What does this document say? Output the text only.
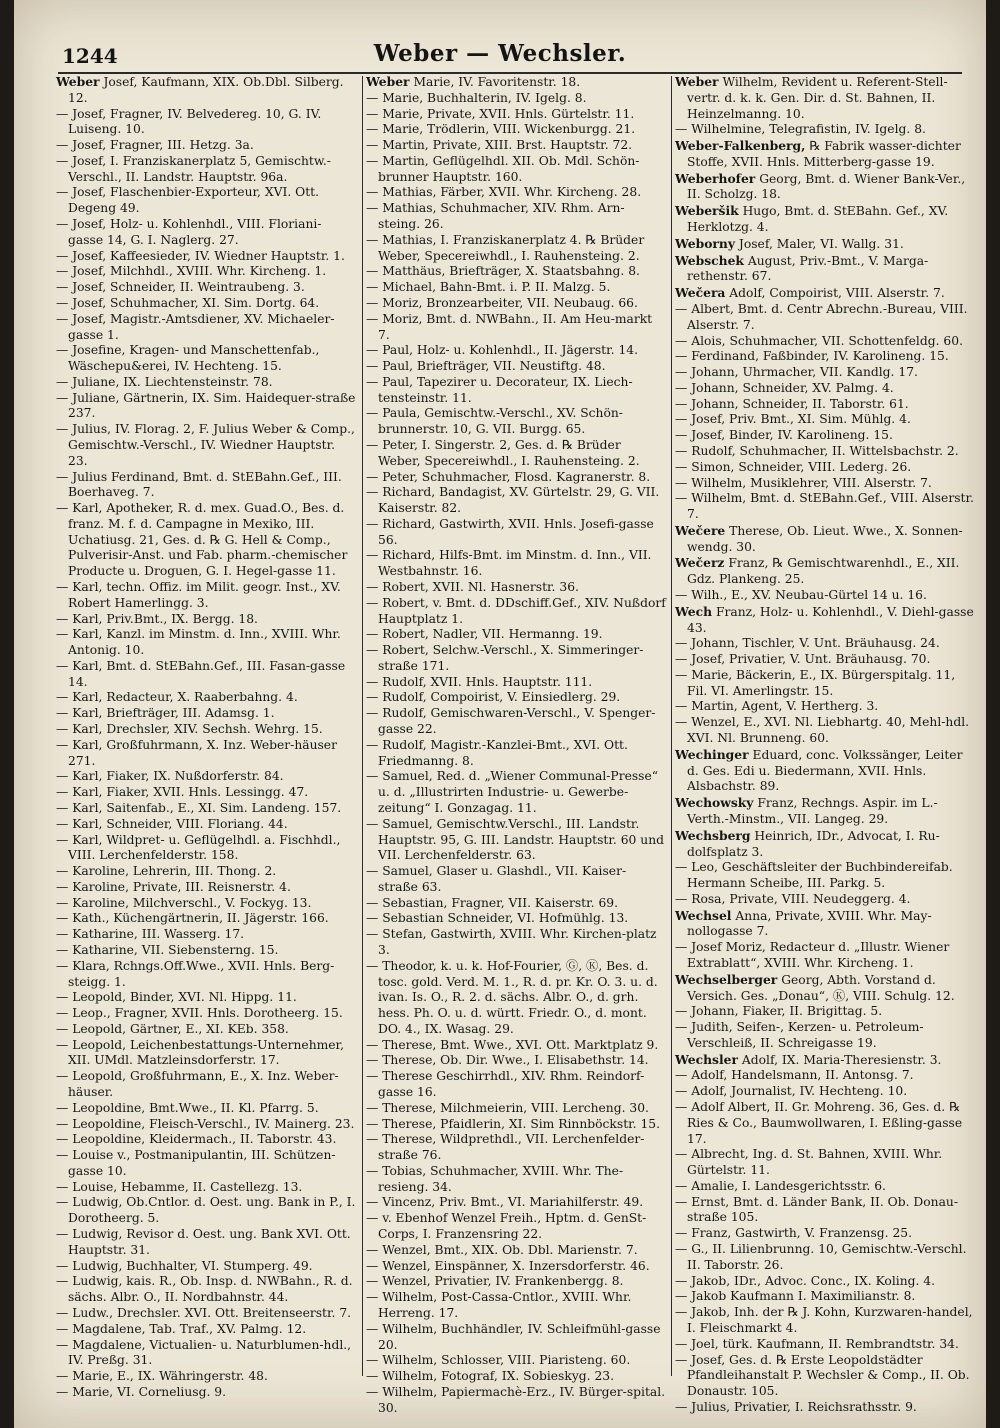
1244	Weber — Wechsler.

Weber Josef, Kaufmann, XIX. Ob.Dbl. Silberg. 12.

— Josef, Fragner, IV. Belvedereg. 10, G. IV. Luiseng. 10.

— Josef, Fragner, III. Hetzg. 3a.

— Josef, I. Franziskanerplatz 5, Gemischtw.-Verschl., II. Landstr. Hauptstr. 96a.

— Josef, Flaschenbier-Exporteur, XVI. Ott. Degeng 49.

— Josef, Holz- u. Kohlenhdl., VIII. Floriani-gasse 14, G. I. Naglerg. 27.

— Josef, Kaffeesieder, IV. Wiedner Hauptstr. 1.

— Josef, Milchhdl., XVIII. Whr. Kircheng. 1.

— Josef, Schneider, II. Weintraubeng. 3.

— Josef, Schuhmacher, XI. Sim. Dortg. 64.

— Josef, Magistr.-Amtsdiener, XV. Michaeler-gasse 1.

— Josefine, Kragen- und Manschettenfab., Wäschepu&erei, IV. Hechteng. 15.

— Juliane, IX. Liechtensteinstr. 78.

— Juliane, Gärtnerin, IX. Sim. Haidequer-straße 237.

— Julius, IV. Florag. 2, F. Julius Weber & Comp., Gemischtw.-Verschl., IV. Wiedner Hauptstr. 23.

— Julius Ferdinand, Bmt. d. StEBahn.Gef., III. Boerhaveg. 7.

— Karl, Apotheker, R. d. mex. Guad.O., Bes. d. franz. M. f. d. Campagne in Mexiko, III. Uchatiusg. 21, Ges. d. ℞ G. Hell & Comp., Pulverisir-Anst. und Fab. pharm.-chemischer Producte u. Droguen, G. I. Hegel-gasse 11.

— Karl, techn. Offiz. im Milit. geogr. Inst., XV. Robert Hamerlingg. 3.

— Karl, Priv.Bmt., IX. Bergg. 18.

— Karl, Kanzl. im Minstm. d. Inn., XVIII. Whr. Antonig. 10.

— Karl, Bmt. d. StEBahn.Gef., III. Fasan-gasse 14.

— Karl, Redacteur, X. Raaberbahng. 4.

— Karl, Briefträger, III. Adamsg. 1.

— Karl, Drechsler, XIV. Sechsh. Wehrg. 15.

— Karl, Großfuhrmann, X. Inz. Weber-häuser 271.

— Karl, Fiaker, IX. Nußdorferstr. 84.

— Karl, Fiaker, XVII. Hnls. Lessingg. 47.

— Karl, Saitenfab., E., XI. Sim. Landeng. 157.

— Karl, Schneider, VIII. Floriang. 44.

— Karl, Wildpret- u. Geflügelhdl. a. Fischhdl., VIII. Lerchenfelderstr. 158.

— Karoline, Lehrerin, III. Thong. 2.

— Karoline, Private, III. Reisnerstr. 4.

— Karoline, Milchverschl., V. Fockyg. 13.

— Kath., Küchengärtnerin, II. Jägerstr. 166.

— Katharine, III. Wasserg. 17.

— Katharine, VII. Siebensterng. 15.

— Klara, Rchngs.Off.Wwe., XVII. Hnls. Berg-steigg. 1.

— Leopold, Binder, XVI. Nl. Hippg. 11.

— Leop., Fragner, XVII. Hnls. Dorotheerg. 15.

— Leopold, Gärtner, E., XI. KEb. 358.

— Leopold, Leichenbestattungs-Unternehmer, XII. UMdl. Matzleinsdorferstr. 17.

— Leopold, Großfuhrmann, E., X. Inz. Weber-häuser.

— Leopoldine, Bmt.Wwe., II. Kl. Pfarrg. 5.

— Leopoldine, Fleisch-Verschl., IV. Mainerg. 23.

— Leopoldine, Kleidermach., II. Taborstr. 43.

— Louise v., Postmanipulantin, III. Schützen-gasse 10.

— Louise, Hebamme, II. Castellezg. 13.

— Ludwig, Ob.Cntlor. d. Oest. ung. Bank in P., I. Dorotheerg. 5.

— Ludwig, Revisor d. Oest. ung. Bank XVI. Ott. Hauptstr. 31.

— Ludwig, Buchhalter, VI. Stumperg. 49.

— Ludwig, kais. R., Ob. Insp. d. NWBahn., R. d. sächs. Albr. O., II. Nordbahnstr. 44.

— Ludw., Drechsler. XVI. Ott. Breitenseerstr. 7.

— Magdalene, Tab. Traf., XV. Palmg. 12.

— Magdalene, Victualien- u. Naturblumen-hdl., IV. Preßg. 31.

— Marie, E., IX. Währingerstr. 48.

— Marie, VI. Corneliusg. 9.

Weber Marie, IV. Favoritenstr. 18.

— Marie, Buchhalterin, IV. Igelg. 8.

— Marie, Private, XVII. Hnls. Gürtelstr. 11.

— Marie, Trödlerin, VIII. Wickenburgg. 21.

— Martin, Private, XIII. Brst. Hauptstr. 72.

— Martin, Geflügelhdl. XII. Ob. Mdl. Schön-brunner Hauptstr. 160.

— Mathias, Färber, XVII. Whr. Kircheng. 28.

— Mathias, Schuhmacher, XIV. Rhm. Arn-steing. 26.

— Mathias, I. Franziskanerplatz 4. ℞ Brüder Weber, Specereiwhdl., I. Rauhensteing. 2.

— Matthäus, Briefträger, X. Staatsbahng. 8.

— Michael, Bahn-Bmt. i. P. II. Malzg. 5.

— Moriz, Bronzearbeiter, VII. Neubaug. 66.

— Moriz, Bmt. d. NWBahn., II. Am Heu-markt 7.

— Paul, Holz- u. Kohlenhdl., II. Jägerstr. 14.

— Paul, Briefträger, VII. Neustiftg. 48.

— Paul, Tapezirer u. Decorateur, IX. Liech-tensteinstr. 11.

— Paula, Gemischtw.-Verschl., XV. Schön-brunnerstr. 10, G. VII. Burgg. 65.

— Peter, I. Singerstr. 2, Ges. d. ℞ Brüder Weber, Specereiwhdl., I. Rauhensteing. 2.

— Peter, Schuhmacher, Flosd. Kagranerstr. 8.

— Richard, Bandagist, XV. Gürtelstr. 29, G. VII. Kaiserstr. 82.

— Richard, Gastwirth, XVII. Hnls. Josefi-gasse 56.

— Richard, Hilfs-Bmt. im Minstm. d. Inn., VII. Westbahnstr. 16.

— Robert, XVII. Nl. Hasnerstr. 36.

— Robert, v. Bmt. d. DDschiff.Gef., XIV. Nußdorf Hauptplatz 1.

— Robert, Nadler, VII. Hermanng. 19.

— Robert, Selchw.-Verschl., X. Simmeringer-straße 171.

— Rudolf, XVII. Hnls. Hauptstr. 111.

— Rudolf, Compoirist, V. Einsiedlerg. 29.

— Rudolf, Gemischwaren-Verschl., V. Spenger-gasse 22.

— Rudolf, Magistr.-Kanzlei-Bmt., XVI. Ott. Friedmanng. 8.

— Samuel, Red. d. „Wiener Communal-Presse“ u. d. „Illustrirten Industrie- u. Gewerbe-zeitung“ I. Gonzagag. 11.

— Samuel, Gemischtw.Verschl., III. Landstr. Hauptstr. 95, G. III. Landstr. Hauptstr. 60 und VII. Lerchenfelderstr. 63.

— Samuel, Glaser u. Glashdl., VII. Kaiser-straße 63.

— Sebastian, Fragner, VII. Kaiserstr. 69.

— Sebastian Schneider, VI. Hofmühlg. 13.

— Stefan, Gastwirth, XVIII. Whr. Kirchen-platz 3.

— Theodor, k. u. k. Hof-Fourier, Ⓖ, Ⓚ, Bes. d. tosc. gold. Verd. M. 1., R. d. pr. Kr. O. 3. u. d. ivan. Is. O., R. 2. d. sächs. Albr. O., d. grh. hess. Ph. O. u. d. württ. Friedr. O., d. mont. DO. 4., IX. Wasag. 29.

— Therese, Bmt. Wwe., XVI. Ott. Marktplatz 9.

— Therese, Ob. Dir. Wwe., I. Elisabethstr. 14.

— Therese Geschirrhdl., XIV. Rhm. Reindorf-gasse 16.

— Therese, Milchmeierin, VIII. Lercheng. 30.

— Therese, Pfaidlerin, XI. Sim Rinnböckstr. 15.

— Therese, Wildprethdl., VII. Lerchenfelder-straße 76.

— Tobias, Schuhmacher, XVIII. Whr. The-resieng. 34.

— Vincenz, Priv. Bmt., VI. Mariahilferstr. 49.

— v. Ebenhof Wenzel Freih., Hptm. d. GenSt-Corps, I. Franzensring 22.

— Wenzel, Bmt., XIX. Ob. Dbl. Marienstr. 7.

— Wenzel, Einspänner, X. Inzersdorferstr. 46.

— Wenzel, Privatier, IV. Frankenbergg. 8.

— Wilhelm, Post-Cassa-Cntlor., XVIII. Whr. Herreng. 17.

— Wilhelm, Buchhändler, IV. Schleifmühl-gasse 20.

— Wilhelm, Schlosser, VIII. Piaristeng. 60.

— Wilhelm, Fotograf, IX. Sobieskyg. 23.

— Wilhelm, Papiermachè-Erz., IV. Bürger-spital. 30.

Weber Wilhelm, Revident u. Referent-Stell-vertr. d. k. k. Gen. Dir. d. St. Bahnen, II. Heinzelmanng. 10.

— Wilhelmine, Telegrafistin, IV. Igelg. 8.

Weber-Falkenberg, ℞ Fabrik wasser-dichter Stoffe, XVII. Hnls. Mitterberg-gasse 19.

Weberhofer Georg, Bmt. d. Wiener Bank-Ver., II. Scholzg. 18.

Weberšik Hugo, Bmt. d. StEBahn. Gef., XV. Herklotzg. 4.

Weborny Josef, Maler, VI. Wallg. 31.

Webschek August, Priv.-Bmt., V. Marga-rethenstr. 67.

Wečera Adolf, Compoirist, VIII. Alserstr. 7.

— Albert, Bmt. d. Centr Abrechn.-Bureau, VIII. Alserstr. 7.

— Alois, Schuhmacher, VII. Schottenfeldg. 60.

— Ferdinand, Faßbinder, IV. Karolineng. 15.

— Johann, Uhrmacher, VII. Kandlg. 17.

— Johann, Schneider, XV. Palmg. 4.

— Johann, Schneider, II. Taborstr. 61.

— Josef, Priv. Bmt., XI. Sim. Mühlg. 4.

— Josef, Binder, IV. Karolineng. 15.

— Rudolf, Schuhmacher, II. Wittelsbachstr. 2.

— Simon, Schneider, VIII. Lederg. 26.

— Wilhelm, Musiklehrer, VIII. Alserstr. 7.

— Wilhelm, Bmt. d. StEBahn.Gef., VIII. Alserstr. 7.

Wečere Therese, Ob. Lieut. Wwe., X. Sonnen-wendg. 30.

Wečerz Franz, ℞ Gemischtwarenhdl., E., XII. Gdz. Plankeng. 25.

— Wilh., E., XV. Neubau-Gürtel 14 u. 16.

Wech Franz, Holz- u. Kohlenhdl., V. Diehl-gasse 43.

— Johann, Tischler, V. Unt. Bräuhausg. 24.

— Josef, Privatier, V. Unt. Bräuhausg. 70.

— Marie, Bäckerin, E., IX. Bürgerspitalg. 11, Fil. VI. Amerlingstr. 15.

— Martin, Agent, V. Hertherg. 3.

— Wenzel, E., XVI. Nl. Liebhartg. 40, Mehl-hdl. XVI. Nl. Brunneng. 60.

Wechinger Eduard, conc. Volkssänger, Leiter d. Ges. Edi u. Biedermann, XVII. Hnls. Alsbachstr. 89.

Wechowsky Franz, Rechngs. Aspir. im L.-Verth.-Minstm., VII. Langeg. 29.

Wechsberg Heinrich, IDr., Advocat, I. Ru-dolfsplatz 3.

— Leo, Geschäftsleiter der Buchbindereifab. Hermann Scheibe, III. Parkg. 5.

— Rosa, Private, VIII. Neudeggerg. 4.

Wechsel Anna, Private, XVIII. Whr. May-nollogasse 7.

— Josef Moriz, Redacteur d. „Illustr. Wiener Extrablatt“, XVIII. Whr. Kircheng. 1.

Wechselberger Georg, Abth. Vorstand d. Versich. Ges. „Donau“, Ⓚ, VIII. Schulg. 12.

— Johann, Fiaker, II. Brigittag. 5.

— Judith, Seifen-, Kerzen- u. Petroleum-Verschleiß, II. Schreigasse 19.

Wechsler Adolf, IX. Maria-Theresienstr. 3.

— Adolf, Handelsmann, II. Antonsg. 7.

— Adolf, Journalist, IV. Hechteng. 10.

— Adolf Albert, II. Gr. Mohreng. 36, Ges. d. ℞ Ries & Co., Baumwollwaren, I. Eßling-gasse 17.

— Albrecht, Ing. d. St. Bahnen, XVIII. Whr. Gürtelstr. 11.

— Amalie, I. Landesgerichtsstr. 6.

— Ernst, Bmt. d. Länder Bank, II. Ob. Donau-straße 105.

— Franz, Gastwirth, V. Franzensg. 25.

— G., II. Lilienbrunng. 10, Gemischtw.-Verschl. II. Taborstr. 26.

— Jakob, IDr., Advoc. Conc., IX. Koling. 4.

— Jakob Kaufmann I. Maximilianstr. 8.

— Jakob, Inh. der ℞ J. Kohn, Kurzwaren-handel, I. Fleischmarkt 4.

— Joel, türk. Kaufmann, II. Rembrandtstr. 34.

— Josef, Ges. d. ℞ Erste Leopoldstädter Pfandleihanstalt P. Wechsler & Comp., II. Ob. Donaustr. 105.

— Julius, Privatier, I. Reichsrathsstr. 9.
